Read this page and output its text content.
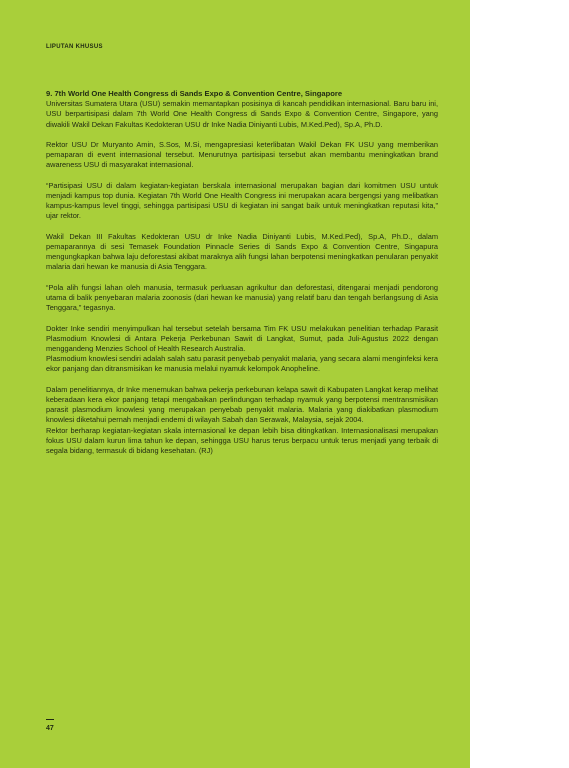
LIPUTAN KHUSUS

9. 7th World One Health Congress di Sands Expo & Convention Centre, Singapore

Universitas Sumatera Utara (USU) semakin memantapkan posisinya di kancah pendidikan internasional. Baru baru ini, USU berpartisipasi dalam 7th World One Health Congress di Sands Expo & Convention Centre, Singapore, yang diwakili Wakil Dekan Fakultas Kedokteran USU dr Inke Nadia Diniyanti Lubis, M.Ked.Ped), Sp.A, Ph.D.

Rektor USU Dr Muryanto Amin, S.Sos, M.Si, mengapresiasi keterlibatan Wakil Dekan FK USU yang memberikan pemaparan di event internasional tersebut. Menurutnya partisipasi tersebut akan membantu meningkatkan brand awareness USU di masyarakat internasional.

“Partisipasi USU di dalam kegiatan-kegiatan berskala internasional merupakan bagian dari komitmen USU untuk menjadi kampus top dunia. Kegiatan 7th World One Health Congress ini merupakan acara bergengsi yang melibatkan kampus-kampus level tinggi, sehingga partisipasi USU di kegiatan ini sangat baik untuk meningkatkan reputasi kita,” ujar rektor.

Wakil Dekan III Fakultas Kedokteran USU dr Inke Nadia Diniyanti Lubis, M.Ked.Ped), Sp.A, Ph.D., dalam pemaparannya di sesi Temasek Foundation Pinnacle Series di Sands Expo & Convention Centre, Singapura mengungkapkan bahwa laju deforestasi akibat maraknya alih fungsi lahan berpotensi meningkatkan penularan penyakit malaria dari hewan ke manusia di Asia Tenggara.

“Pola alih fungsi lahan oleh manusia, termasuk perluasan agrikultur dan deforestasi, ditengarai menjadi pendorong utama di balik penyebaran malaria zoonosis (dari hewan ke manusia) yang relatif baru dan tengah berlangsung di Asia Tenggara,” tegasnya.

Dokter Inke sendiri menyimpulkan hal tersebut setelah bersama Tim FK USU melakukan penelitian terhadap Parasit Plasmodium Knowlesi di Antara Pekerja Perkebunan Sawit di Langkat, Sumut, pada Juli-Agustus 2022 dengan menggandeng Menzies School of Health Research Australia.

Plasmodium knowlesi sendiri adalah salah satu parasit penyebab penyakit malaria, yang secara alami menginfeksi kera ekor panjang dan ditransmisikan ke manusia melalui nyamuk kelompok Anopheline.

Dalam penelitiannya, dr Inke menemukan bahwa pekerja perkebunan kelapa sawit di Kabupaten Langkat kerap melihat keberadaan kera ekor panjang tetapi mengabaikan perlindungan terhadap nyamuk yang berpotensi mentransmisikan parasit plasmodium knowlesi yang merupakan penyebab penyakit malaria. Malaria yang diakibatkan plasmodium knowlesi diketahui pernah menjadi endemi di wilayah Sabah dan Serawak, Malaysia, sejak 2004.

Rektor berharap kegiatan-kegiatan skala internasional ke depan lebih bisa ditingkatkan. Internasionalisasi merupakan fokus USU dalam kurun lima tahun ke depan, sehingga USU harus terus berpacu untuk terus menjadi yang terbaik di segala bidang, termasuk di bidang kesehatan. (RJ)

47
